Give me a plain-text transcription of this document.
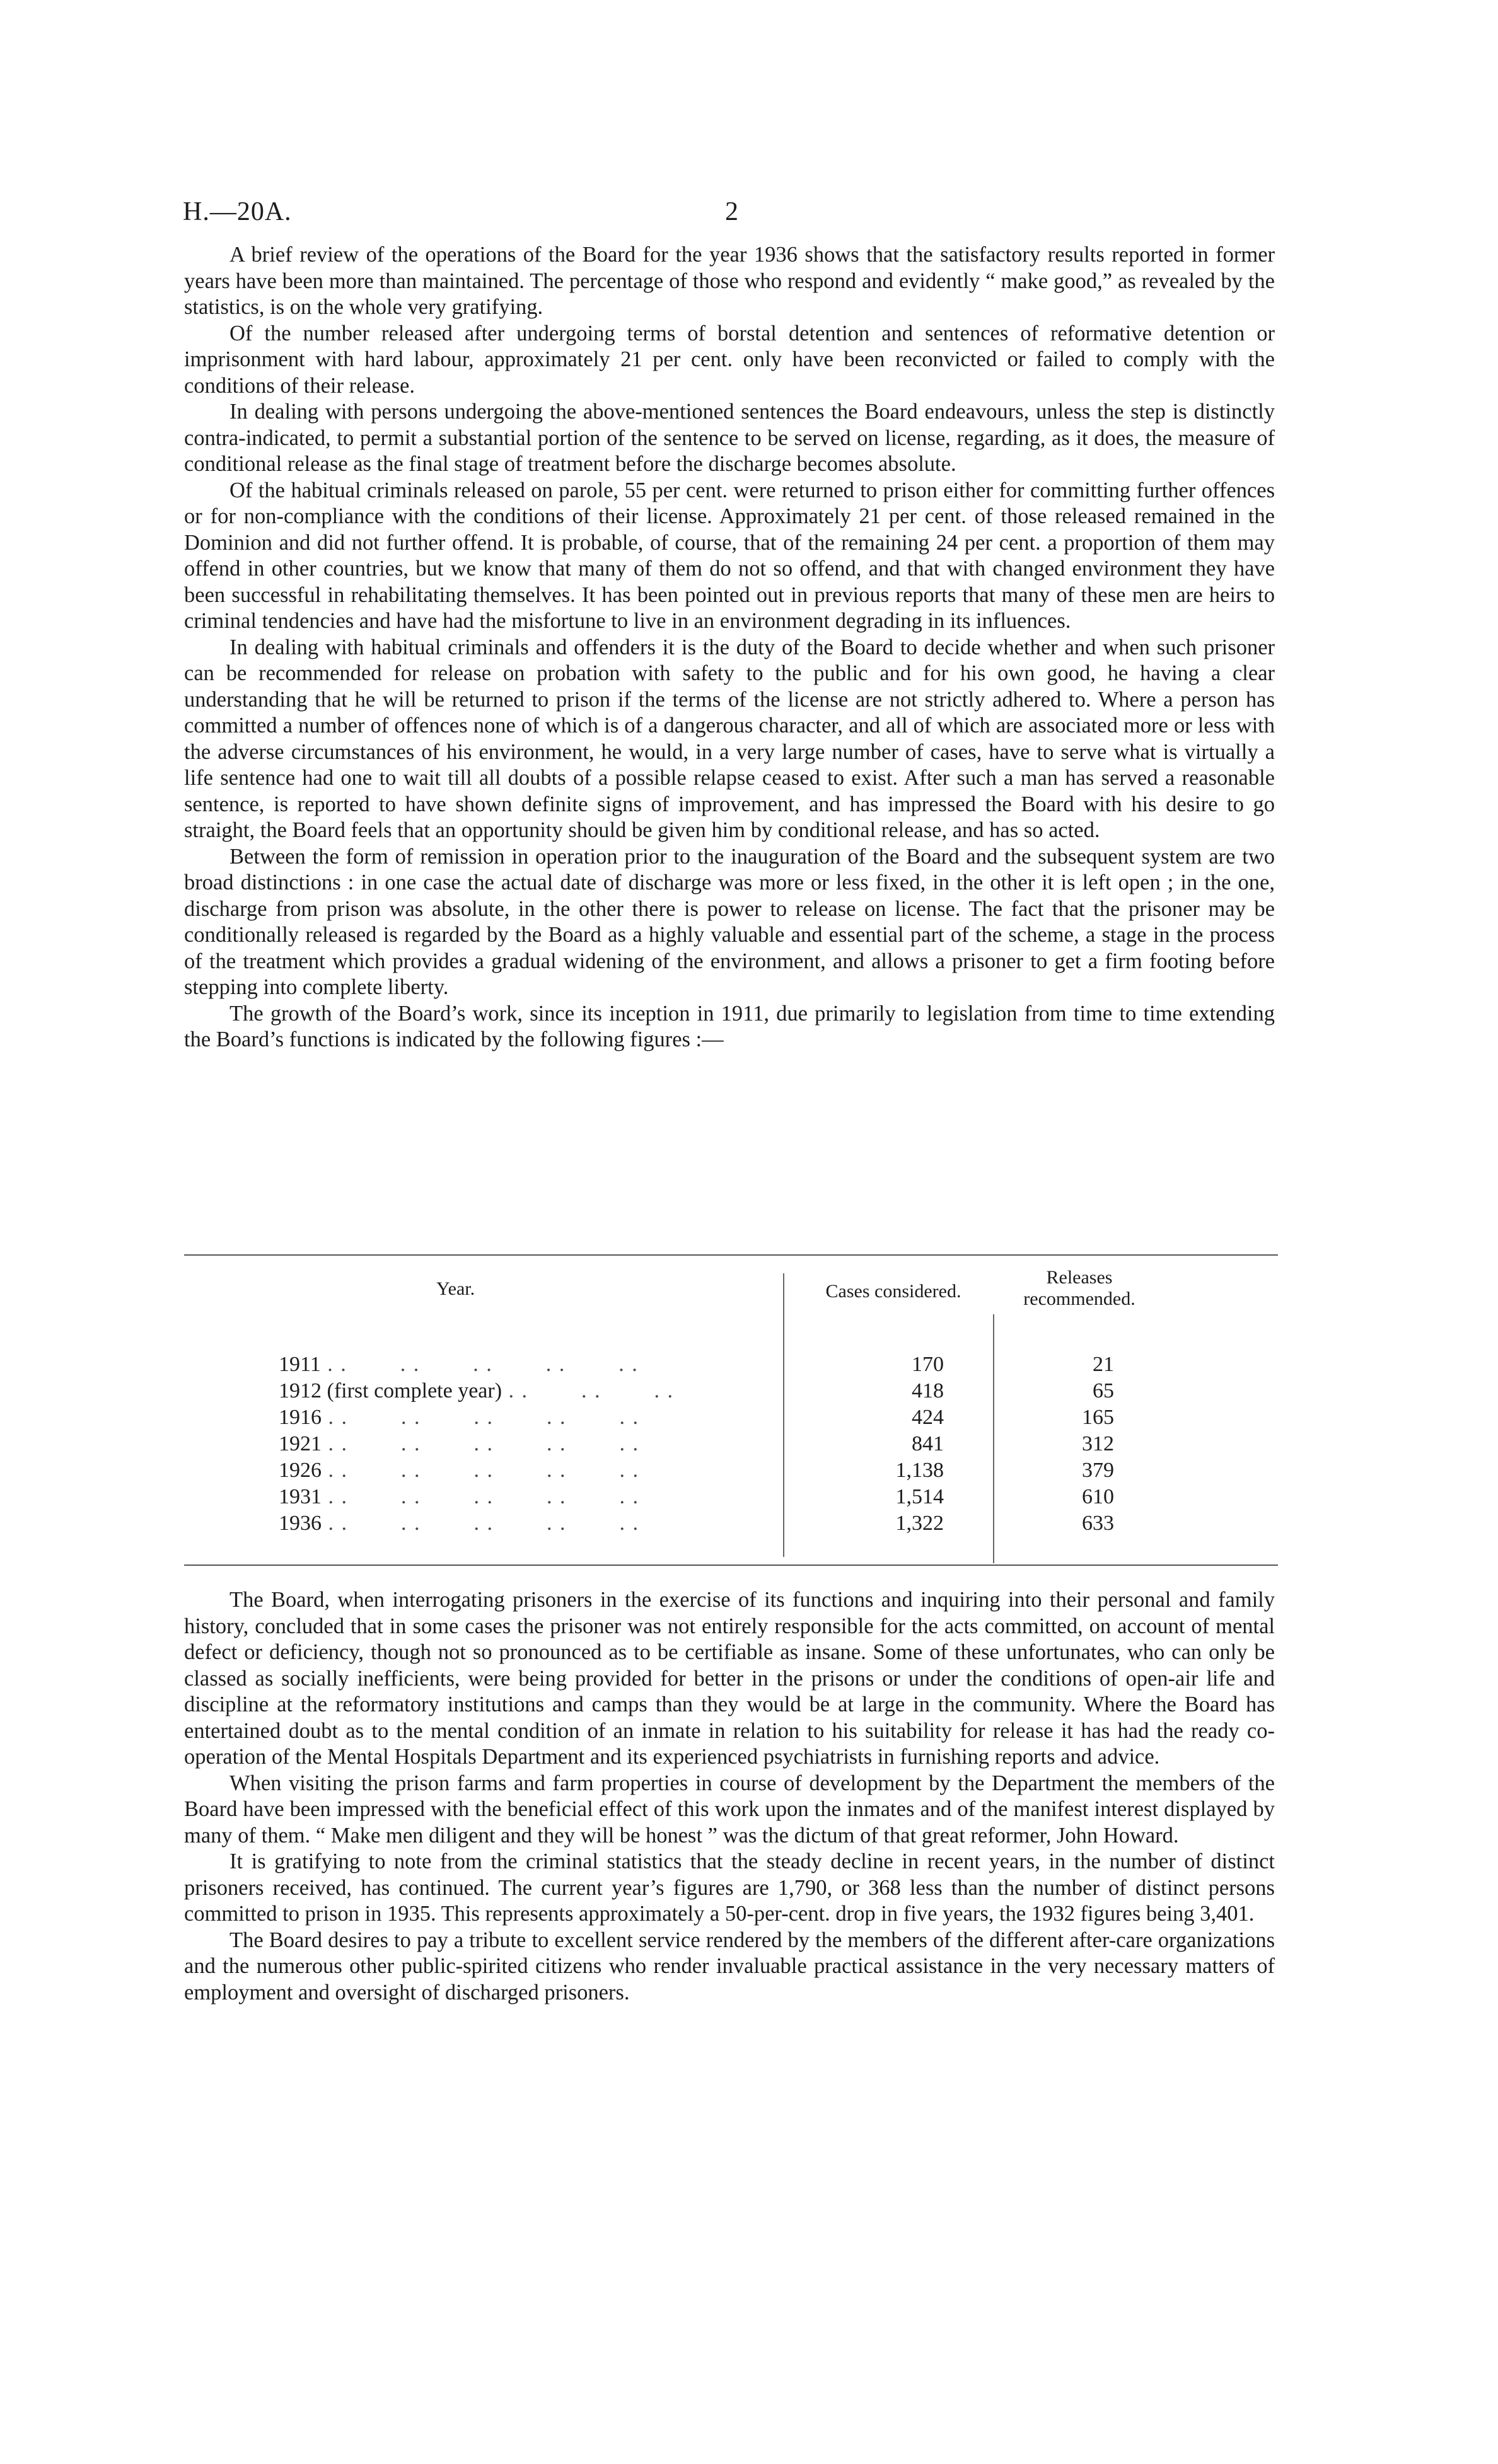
H.—20A.	2

A brief review of the operations of the Board for the year 1936 shows that the satisfactory results reported in former years have been more than maintained. The percentage of those who respond and evidently “ make good,” as revealed by the statistics, is on the whole very gratifying.

Of the number released after undergoing terms of borstal detention and sentences of reformative detention or imprisonment with hard labour, approximately 21 per cent. only have been reconvicted or failed to comply with the conditions of their release.

In dealing with persons undergoing the above-mentioned sentences the Board endeavours, unless the step is distinctly contra-indicated, to permit a substantial portion of the sentence to be served on license, regarding, as it does, the measure of conditional release as the final stage of treatment before the discharge becomes absolute.

Of the habitual criminals released on parole, 55 per cent. were returned to prison either for committing further offences or for non-compliance with the conditions of their license. Approximately 21 per cent. of those released remained in the Dominion and did not further offend. It is probable, of course, that of the remaining 24 per cent. a proportion of them may offend in other countries, but we know that many of them do not so offend, and that with changed environment they have been successful in rehabilitating themselves. It has been pointed out in previous reports that many of these men are heirs to criminal tendencies and have had the misfortune to live in an environment degrading in its influences.

In dealing with habitual criminals and offenders it is the duty of the Board to decide whether and when such prisoner can be recommended for release on probation with safety to the public and for his own good, he having a clear understanding that he will be returned to prison if the terms of the license are not strictly adhered to. Where a person has committed a number of offences none of which is of a dangerous character, and all of which are associated more or less with the adverse circumstances of his environment, he would, in a very large number of cases, have to serve what is virtually a life sentence had one to wait till all doubts of a possible relapse ceased to exist. After such a man has served a reasonable sentence, is reported to have shown definite signs of improvement, and has impressed the Board with his desire to go straight, the Board feels that an opportunity should be given him by conditional release, and has so acted.

Between the form of remission in operation prior to the inauguration of the Board and the subsequent system are two broad distinctions : in one case the actual date of discharge was more or less fixed, in the other it is left open ; in the one, discharge from prison was absolute, in the other there is power to release on license. The fact that the prisoner may be conditionally released is regarded by the Board as a highly valuable and essential part of the scheme, a stage in the process of the treatment which provides a gradual widening of the environment, and allows a prisoner to get a firm footing before stepping into complete liberty.

The growth of the Board’s work, since its inception in 1911, due primarily to legislation from time to time extending the Board’s functions is indicated by the following figures :—

Year.	Cases considered.
Releases recommended.
1911 . .        . .        . .        . .        . .	170	21
1912 (first complete year) . .        . .        . .	418	65
1916 . .        . .        . .        . .        . .	424	165
1921 . .        . .        . .        . .        . .	841	312
1926 . .        . .        . .        . .        . .	1,138	379
1931 . .        . .        . .        . .        . .	1,514	610
1936 . .        . .        . .        . .        . .	1,322	633

The Board, when interrogating prisoners in the exercise of its functions and inquiring into their personal and family history, concluded that in some cases the prisoner was not entirely responsible for the acts committed, on account of mental defect or deficiency, though not so pronounced as to be certifiable as insane. Some of these unfortunates, who can only be classed as socially inefficients, were being provided for better in the prisons or under the conditions of open-air life and discipline at the reformatory institutions and camps than they would be at large in the community. Where the Board has entertained doubt as to the mental condition of an inmate in relation to his suitability for release it has had the ready co-operation of the Mental Hospitals Department and its experienced psychiatrists in furnishing reports and advice.

When visiting the prison farms and farm properties in course of development by the Department the members of the Board have been impressed with the beneficial effect of this work upon the inmates and of the manifest interest displayed by many of them. “ Make men diligent and they will be honest ” was the dictum of that great reformer, John Howard.

It is gratifying to note from the criminal statistics that the steady decline in recent years, in the number of distinct prisoners received, has continued. The current year’s figures are 1,790, or 368 less than the number of distinct persons committed to prison in 1935. This represents approximately a 50-per-cent. drop in five years, the 1932 figures being 3,401.

The Board desires to pay a tribute to excellent service rendered by the members of the different after-care organizations and the numerous other public-spirited citizens who render invaluable practical assistance in the very necessary matters of employment and oversight of discharged prisoners.
